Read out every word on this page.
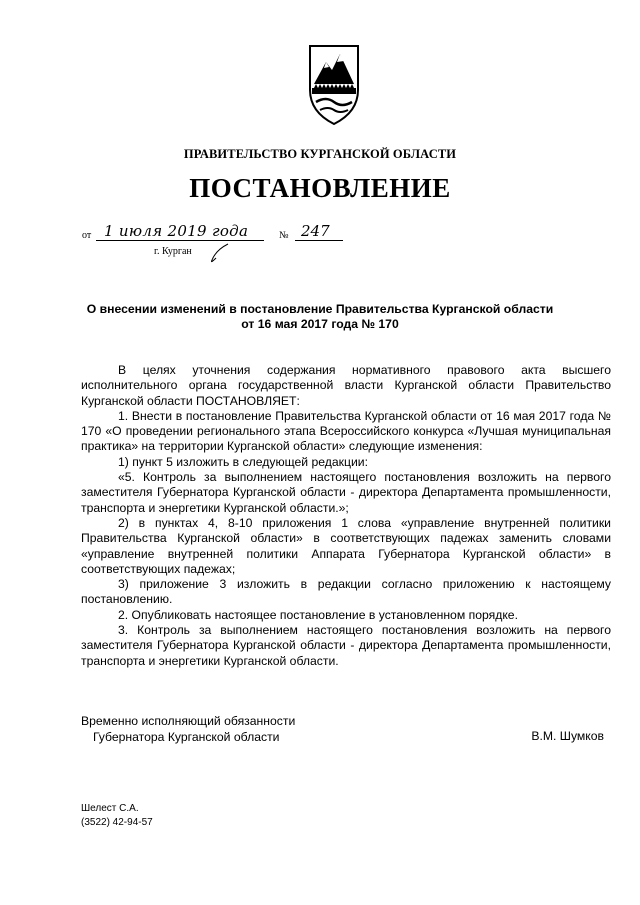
ПРАВИТЕЛЬСТВО КУРГАНСКОЙ ОБЛАСТИ
ПОСТАНОВЛЕНИЕ
от 1 июля 2019 года	№ 247
г. Курган
О внесении изменений в постановление Правительства Курганской области
от 16 мая 2017 года № 170

В целях уточнения содержания нормативного правового акта высшего исполнительного органа государственной власти Курганской области Правительство Курганской области ПОСТАНОВЛЯЕТ:

1. Внести в постановление Правительства Курганской области от 16 мая 2017 года № 170 «О проведении регионального этапа Всероссийского конкурса «Лучшая муниципальная практика» на территории Курганской области» следующие изменения:

1) пункт 5 изложить в следующей редакции:

«5. Контроль за выполнением настоящего постановления возложить на первого заместителя Губернатора Курганской области - директора Департамента промышленности, транспорта и энергетики Курганской области.»;

2) в пунктах 4, 8-10 приложения 1 слова «управление внутренней политики Правительства Курганской области» в соответствующих падежах заменить словами «управление внутренней политики Аппарата Губернатора Курганской области» в соответствующих падежах;

3) приложение 3 изложить в редакции согласно приложению к настоящему постановлению.

2. Опубликовать настоящее постановление в установленном порядке.

3. Контроль за выполнением настоящего постановления возложить на первого заместителя Губернатора Курганской области - директора Департамента промышленности, транспорта и энергетики Курганской области.

Временно исполняющий обязанности
Губернатора Курганской области	В.М. Шумков
Шелест С.А.
(3522) 42-94-57
